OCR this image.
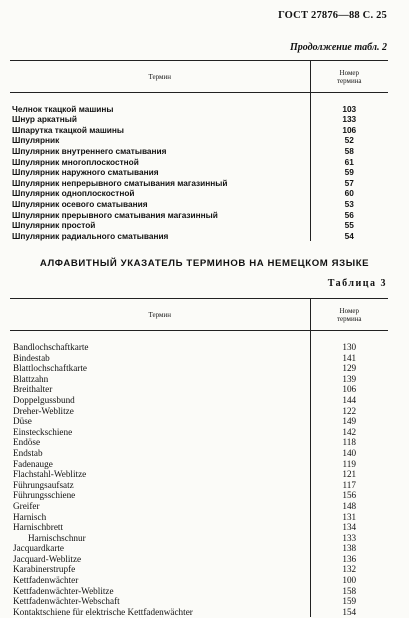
ГОСТ 27876—88 С. 25
Продолжение табл. 2
Термин	Номер
термина

Челнок ткацкой машины	103
Шнур аркатный	133
Шпарутка ткацкой машины	106
Шпулярник	52
Шпулярник внутреннего сматывания	58
Шпулярник многоплоскостной	61
Шпулярник наружного сматывания	59
Шпулярник непрерывного сматывания магазинный	57
Шпулярник одноплоскостной	60
Шпулярник осевого сматывания	53
Шпулярник прерывного сматывания магазинный	56
Шпулярник простой	55
Шпулярник радиального сматывания	54
АЛФАВИТНЫЙ УКАЗАТЕЛЬ ТЕРМИНОВ НА НЕМЕЦКОМ ЯЗЫКЕ
Таблица 3
Термин	Номер
термина

Bandlochschaftkarte	130
Bindestab	141
Blattlochschaftkarte	129
Blattzahn	139
Breithalter	106
Doppelgussbund	144
Dreher-Weblitze	122
Düse	149
Einsteckschiene	142
Endöse	118
Endstab	140
Fadenauge	119
Flachstahl-Weblitze	121
Führungsaufsatz	117
Führungsschiene	156
Greifer	148
Harnisch	131
Harnischbrett	134
Harnischschnur	133
Jacquardkarte	138
Jacquard-Weblitze	136
Karabinerstrupfe	132
Kettfadenwächter	100
Kettfadenwächter-Weblitze	158
Kettfadenwächter-Webschaft	159
Kontaktschiene für elektrische Kettfadenwächter	154
